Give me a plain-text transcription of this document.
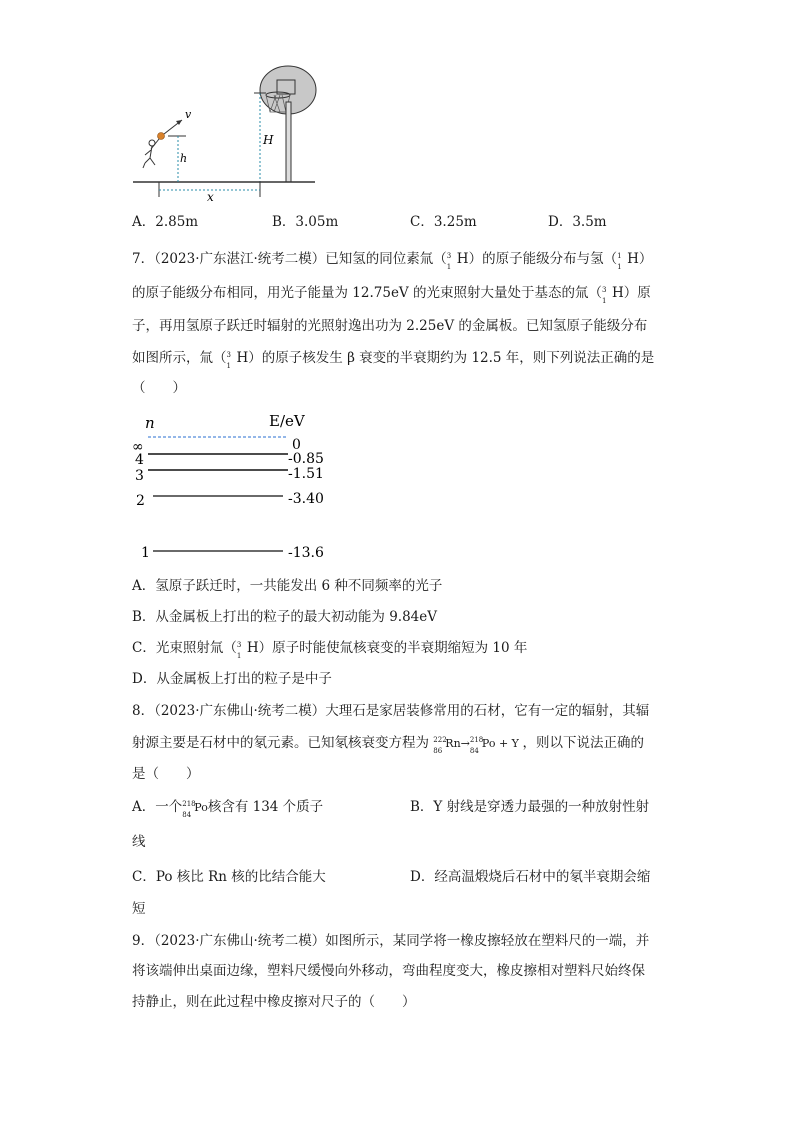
H
x
h
v
A．2.85m	B．3.05m	C．3.25m	D．3.5m
7．（2023·广东湛江·统考二模）已知氢的同位素氚（ 3
1 H）的原子能级分布与氢（ 1
1 H）
的原子能级分布相同，用光子能量为 12.75eV 的光束照射大量处于基态的氚（ 3
1 H）原
子，再用氢原子跃迁时辐射的光照射逸出功为 2.25eV 的金属板。已知氢原子能级分布
如图所示，氚（ 3
1 H）的原子核发生 β 衰变的半衰期约为 12.5 年，则下列说法正确的是
（　　）
n	E/eV
∞	0
4	-0.85
3	-1.51
2	-3.40
1	-13.6
A．氢原子跃迁时，一共能发出 6 种不同频率的光子
B．从金属板上打出的粒子的最大初动能为 9.84eV
C．光束照射氚（ 3
1 H）原子时能使氚核衰变的半衰期缩短为 10 年
D．从金属板上打出的粒子是中子
8．（2023·广东佛山·统考二模）大理石是家居装修常用的石材，它有一定的辐射，其辐
射源主要是石材中的氡元素。已知氡核衰变方程为 222
86
Rn→ 218
84
Po + Y ，则以下说法正确的
是（　　）
A．一个 218
84
Po核含有 134 个质子	B．Y 射线是穿透力最强的一种放射性射
线
C．Po 核比 Rn 核的比结合能大	D．经高温煅烧后石材中的氡半衰期会缩
短
9．（2023·广东佛山·统考二模）如图所示，某同学将一橡皮擦轻放在塑料尺的一端，并
将该端伸出桌面边缘，塑料尺缓慢向外移动，弯曲程度变大，橡皮擦相对塑料尺始终保
持静止，则在此过程中橡皮擦对尺子的（　　）
